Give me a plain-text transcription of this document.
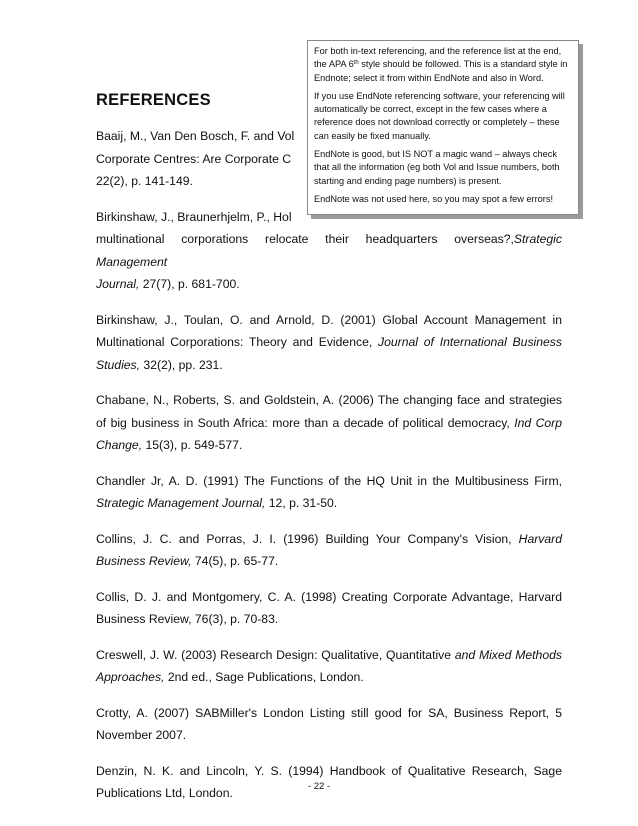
REFERENCES

Baaij, M., Van Den Bosch, F. and Vol
Corporate Centres: Are Corporate C
22(2), p. 141-149.

Birkinshaw, J., Braunerhjelm, P., Hol
multinational corporations relocate their headquarters overseas?,Strategic Management
Journal, 27(7), p. 681-700.

Birkinshaw, J., Toulan, O. and Arnold, D. (2001) Global Account Management in Multinational Corporations: Theory and Evidence, Journal of International Business Studies, 32(2), pp. 231.

Chabane, N., Roberts, S. and Goldstein, A. (2006) The changing face and strategies of big business in South Africa: more than a decade of political democracy, Ind Corp Change, 15(3), p. 549-577.

Chandler Jr, A. D. (1991) The Functions of the HQ Unit in the Multibusiness Firm, Strategic Management Journal, 12, p. 31-50.

Collins, J. C. and Porras, J. I. (1996) Building Your Company's Vision, Harvard Business Review, 74(5), p. 65-77.

Collis, D. J. and Montgomery, C. A. (1998) Creating Corporate Advantage, Harvard Business Review, 76(3), p. 70-83.

Creswell, J. W. (2003) Research Design: Qualitative, Quantitative and Mixed Methods Approaches, 2nd ed., Sage Publications, London.

Crotty, A. (2007) SABMiller's London Listing still good for SA, Business Report, 5 November 2007.

Denzin, N. K. and Lincoln, Y. S. (1994) Handbook of Qualitative Research, Sage Publications Ltd, London.

For both in-text referencing, and the reference list at the end, the APA 6th style should be followed. This is a standard style in Endnote; select it from within EndNote and also in Word.

If you use EndNote referencing software, your referencing will automatically be correct, except in the few cases where a reference does not download correctly or completely – these can easily be fixed manually.

EndNote is good, but IS NOT a magic wand – always check that all the information (eg both Vol and Issue numbers, both starting and ending page numbers) is present.

EndNote was not used here, so you may spot a few errors!

- 22 -
